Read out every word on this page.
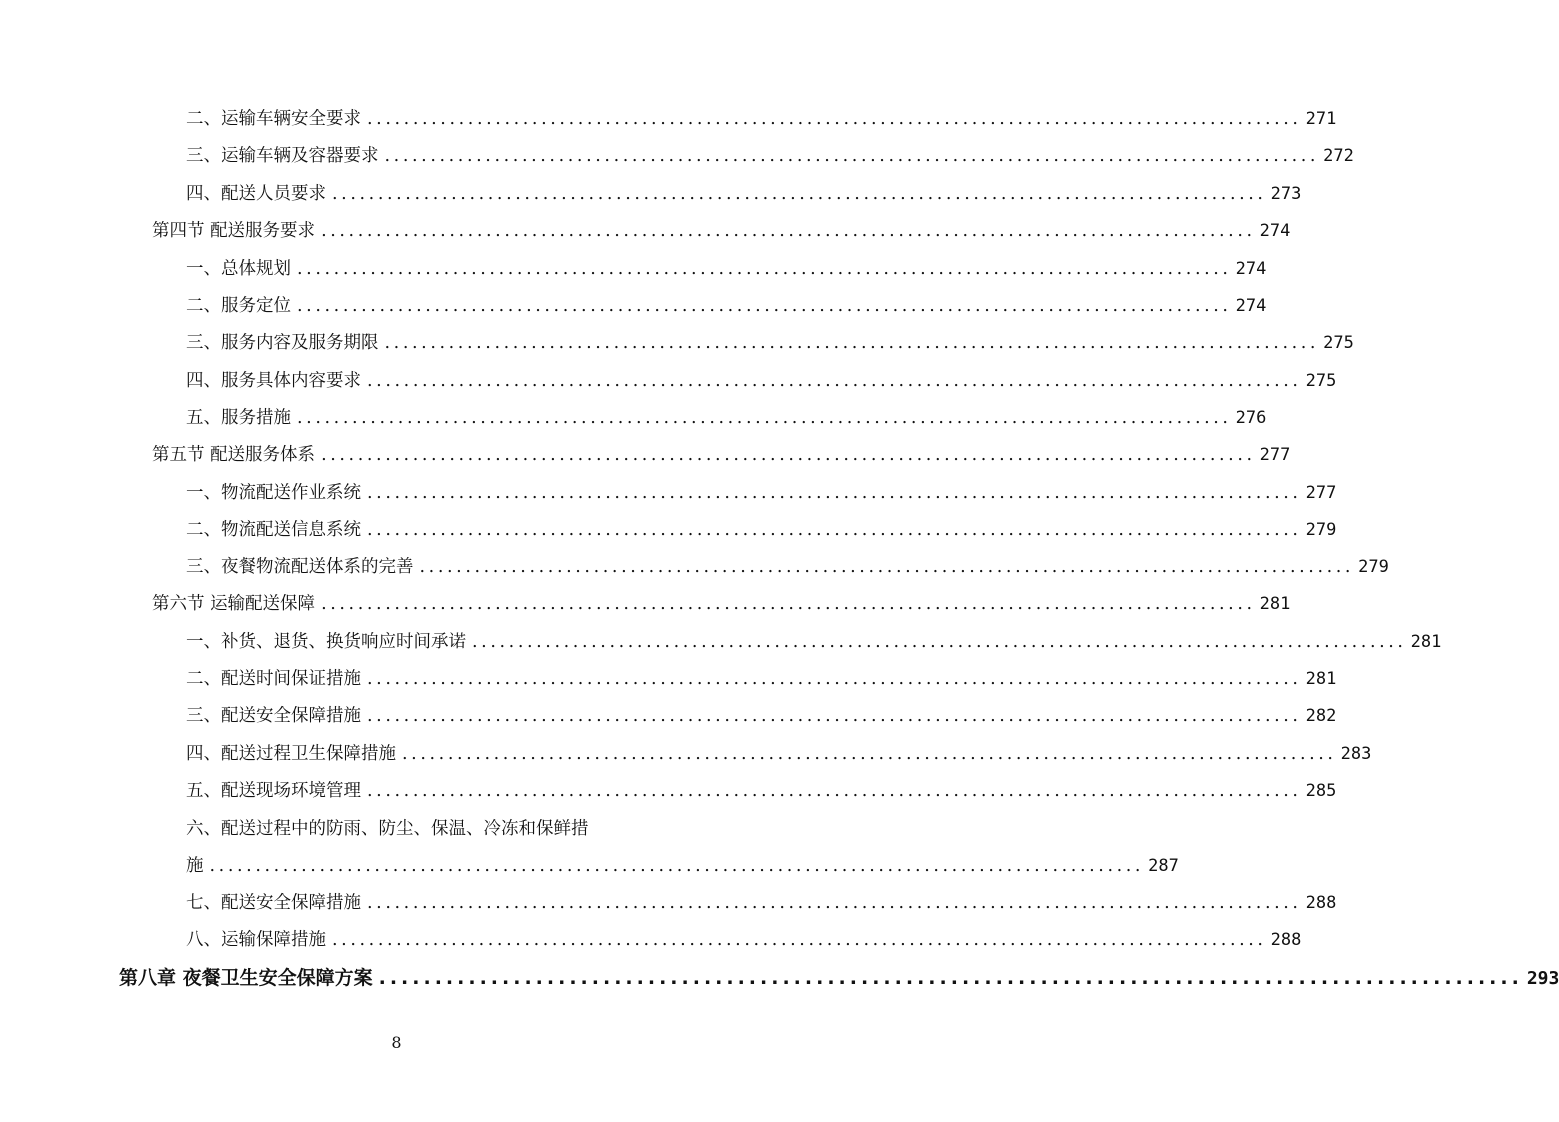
二、运输车辆安全要求 ...................................................................................................... 271
三、运输车辆及容器要求 ...................................................................................................... 272
四、配送人员要求 ...................................................................................................... 273
第四节 配送服务要求 ...................................................................................................... 274
一、总体规划 ...................................................................................................... 274
二、服务定位 ...................................................................................................... 274
三、服务内容及服务期限 ...................................................................................................... 275
四、服务具体内容要求 ...................................................................................................... 275
五、服务措施 ...................................................................................................... 276
第五节 配送服务体系 ...................................................................................................... 277
一、物流配送作业系统 ...................................................................................................... 277
二、物流配送信息系统 ...................................................................................................... 279
三、夜餐物流配送体系的完善 ...................................................................................................... 279
第六节 运输配送保障 ...................................................................................................... 281
一、补货、退货、换货响应时间承诺 ...................................................................................................... 281
二、配送时间保证措施 ...................................................................................................... 281
三、配送安全保障措施 ...................................................................................................... 282
四、配送过程卫生保障措施 ...................................................................................................... 283
五、配送现场环境管理 ...................................................................................................... 285
六、配送过程中的防雨、防尘、保温、冷冻和保鲜措
施 ...................................................................................................... 287
七、配送安全保障措施 ...................................................................................................... 288
八、运输保障措施 ...................................................................................................... 288
第八章 夜餐卫生安全保障方案 ...................................................................................................... 293
8
